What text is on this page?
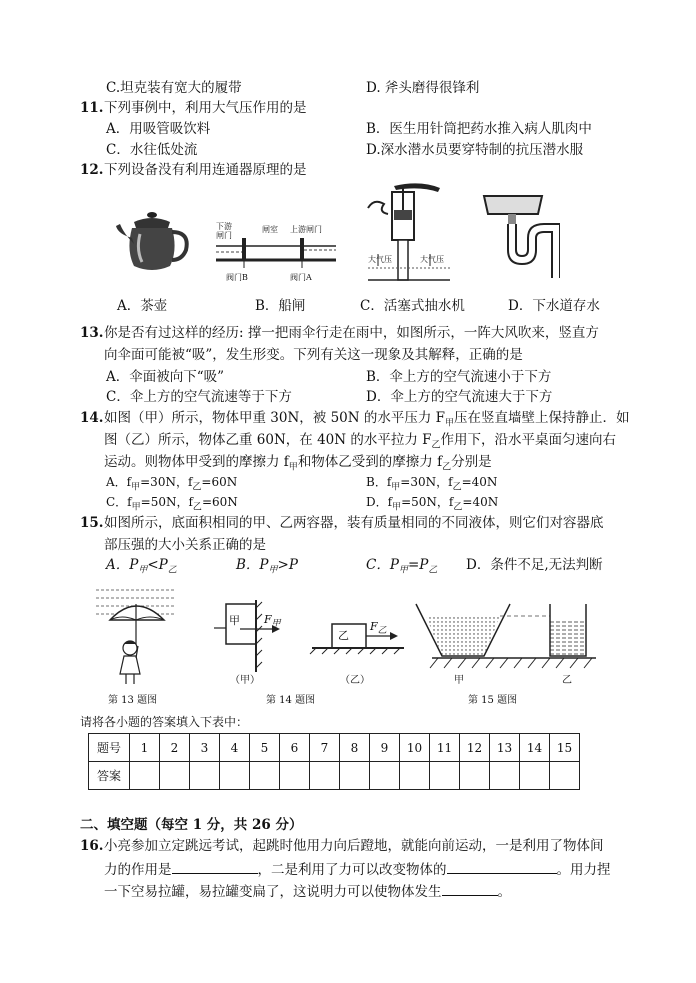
C.坦克装有宽大的履带	D. 斧头磨得很锋利
11. 下列事例中，利用大气压作用的是
A．用吸管吸饮料	B．医生用针筒把药水推入病人肌肉中
C．水往低处流	D.深水潜水员要穿特制的抗压潜水服
12. 下列设备没有利用连通器原理的是
下游
闸门
闸室 上游闸门
阀门B	阀门A
大气压	大气压
A．茶壶	B．船闸	C．活塞式抽水机	D．下水道存水
13. 你是否有过这样的经历: 撑一把雨伞行走在雨中，如图所示，一阵大风吹来，竖直方
向伞面可能被“吸”，发生形变。下列有关这一现象及其解释，正确的是
A．伞面被向下“吸”	B．伞上方的空气流速小于下方
C．伞上方的空气流速等于下方	D．伞上方的空气流速大于下方
14. 如图（甲）所示，物体甲重 30N，被 50N 的水平压力 $F_甲$压在竖直墙壁上保持静止．如
图（乙）所示，物体乙重 60N，在 40N 的水平拉力 $F_乙$作用下，沿水平桌面匀速向右
运动。则物体甲受到的摩擦力 $f_甲$和物体乙受到的摩擦力 $f_乙$分别是
A．$f_甲=30N$，$f_乙=60N$	B．$f_甲=30N$，$f_乙=40N$
C．$f_甲=50N$，$f_乙=60N$	D．$f_甲=50N$，$f_乙=40N$
15. 如图所示，底面积相同的甲、乙两容器，装有质量相同的不同液体，则它们对容器底
部压强的大小关系正确的是
A．$P_甲<P_乙$	B．$P_甲>P$	C．$P_甲=P_乙$ D．条件不足,无法判断
第 13 题图
甲 $F_甲$
（甲）
第 14 题图
乙
$F_乙$
（乙）	甲	乙
第 15 题图
请将各小题的答案填入下表中：
题号	1	2	3	4	5	6	7	8	9	10	11	12	13	14	15
答案															
二、填空题（每空 1 分，共 26 分）
16. 小亮参加立定跳远考试，起跳时他用力向后蹬地，就能向前运动，一是利用了物体间
力的作用是	，二是利用了力可以改变物体的	。用力捏
一下空易拉罐，易拉罐变扁了，这说明力可以使物体发生	。
